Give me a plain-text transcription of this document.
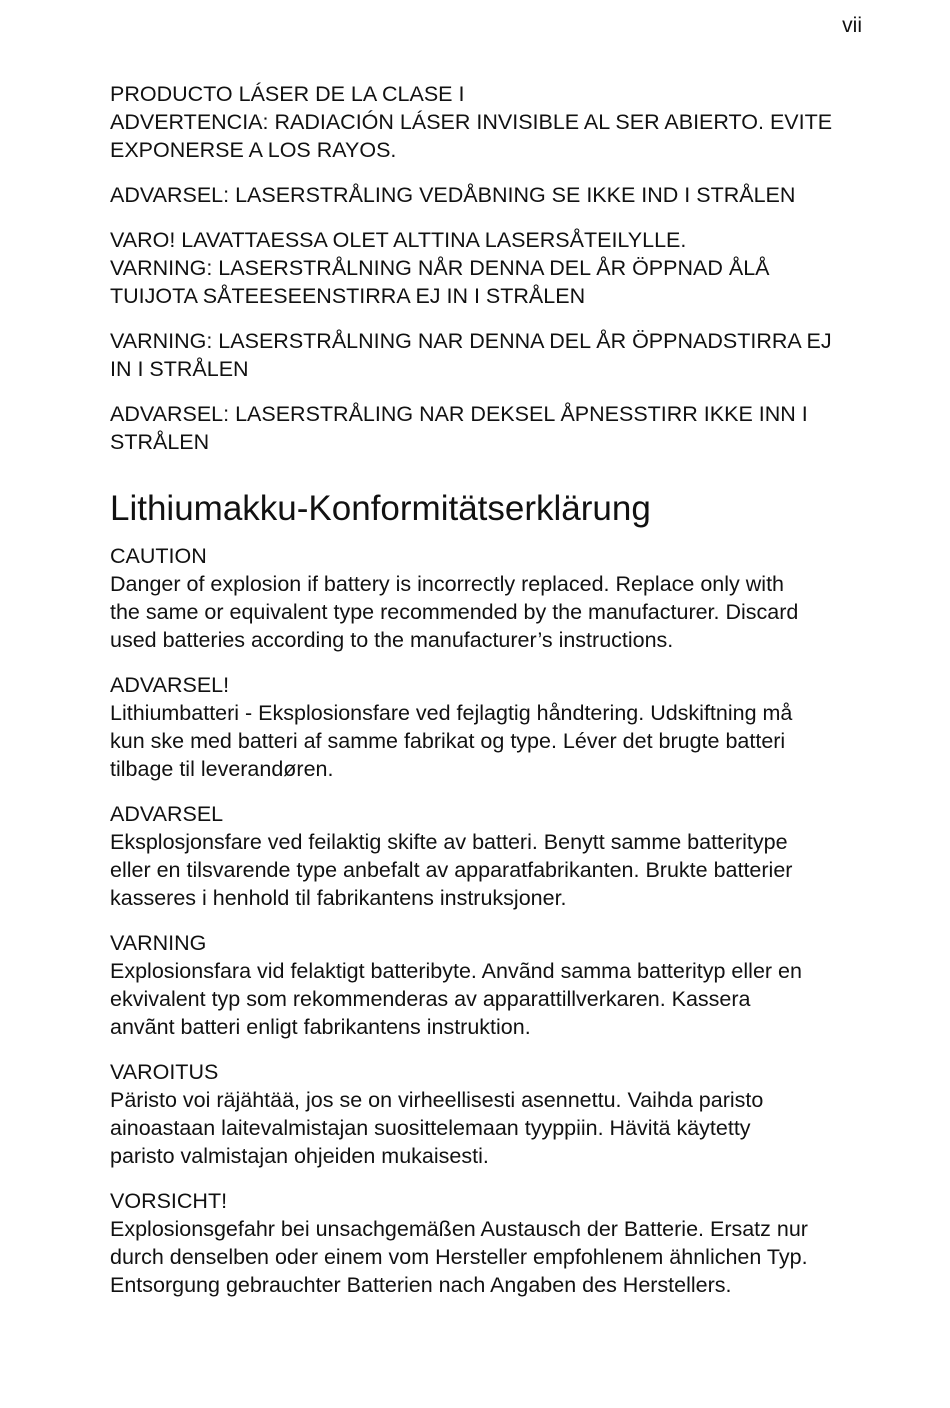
vii

PRODUCTO LÁSER DE LA CLASE I
ADVERTENCIA: RADIACIÓN LÁSER INVISIBLE AL SER ABIERTO. EVITE
EXPONERSE A LOS RAYOS.

ADVARSEL: LASERSTRÅLING VEDÅBNING SE IKKE IND I STRÅLEN

VARO! LAVATTAESSA OLET ALTTINA LASERSÅTEILYLLE.
VARNING: LASERSTRÅLNING NÅR DENNA DEL ÅR ÖPPNAD ÅLÅ
TUIJOTA SÅTEESEENSTIRRA EJ IN I STRÅLEN

VARNING: LASERSTRÅLNING NAR DENNA DEL ÅR ÖPPNADSTIRRA EJ
IN I STRÅLEN

ADVARSEL: LASERSTRÅLING NAR DEKSEL ÅPNESSTIRR IKKE INN I
STRÅLEN

Lithiumakku-Konformitätserklärung
CAUTION
Danger of explosion if battery is incorrectly replaced. Replace only with
the same or equivalent type recommended by the manufacturer. Discard
used batteries according to the manufacturer’s instructions.
ADVARSEL!
Lithiumbatteri - Eksplosionsfare ved fejlagtig håndtering. Udskiftning må
kun ske med batteri af samme fabrikat og type. Léver det brugte batteri
tilbage til leverandøren.
ADVARSEL
Eksplosjonsfare ved feilaktig skifte av batteri. Benytt samme batteritype
eller en tilsvarende type anbefalt av apparatfabrikanten. Brukte batterier
kasseres i henhold til fabrikantens instruksjoner.
VARNING
Explosionsfara vid felaktigt batteribyte. Anvãnd samma batterityp eller en
ekvivalent typ som rekommenderas av apparattillverkaren. Kassera
anvãnt batteri enligt fabrikantens instruktion.
VAROITUS
Päristo voi räjähtää, jos se on virheellisesti asennettu. Vaihda paristo
ainoastaan laitevalmistajan suosittelemaan tyyppiin. Hävitä käytetty
paristo valmistajan ohjeiden mukaisesti.
VORSICHT!
Explosionsgefahr bei unsachgemäßen Austausch der Batterie. Ersatz nur
durch denselben oder einem vom Hersteller empfohlenem ähnlichen Typ.
Entsorgung gebrauchter Batterien nach Angaben des Herstellers.
